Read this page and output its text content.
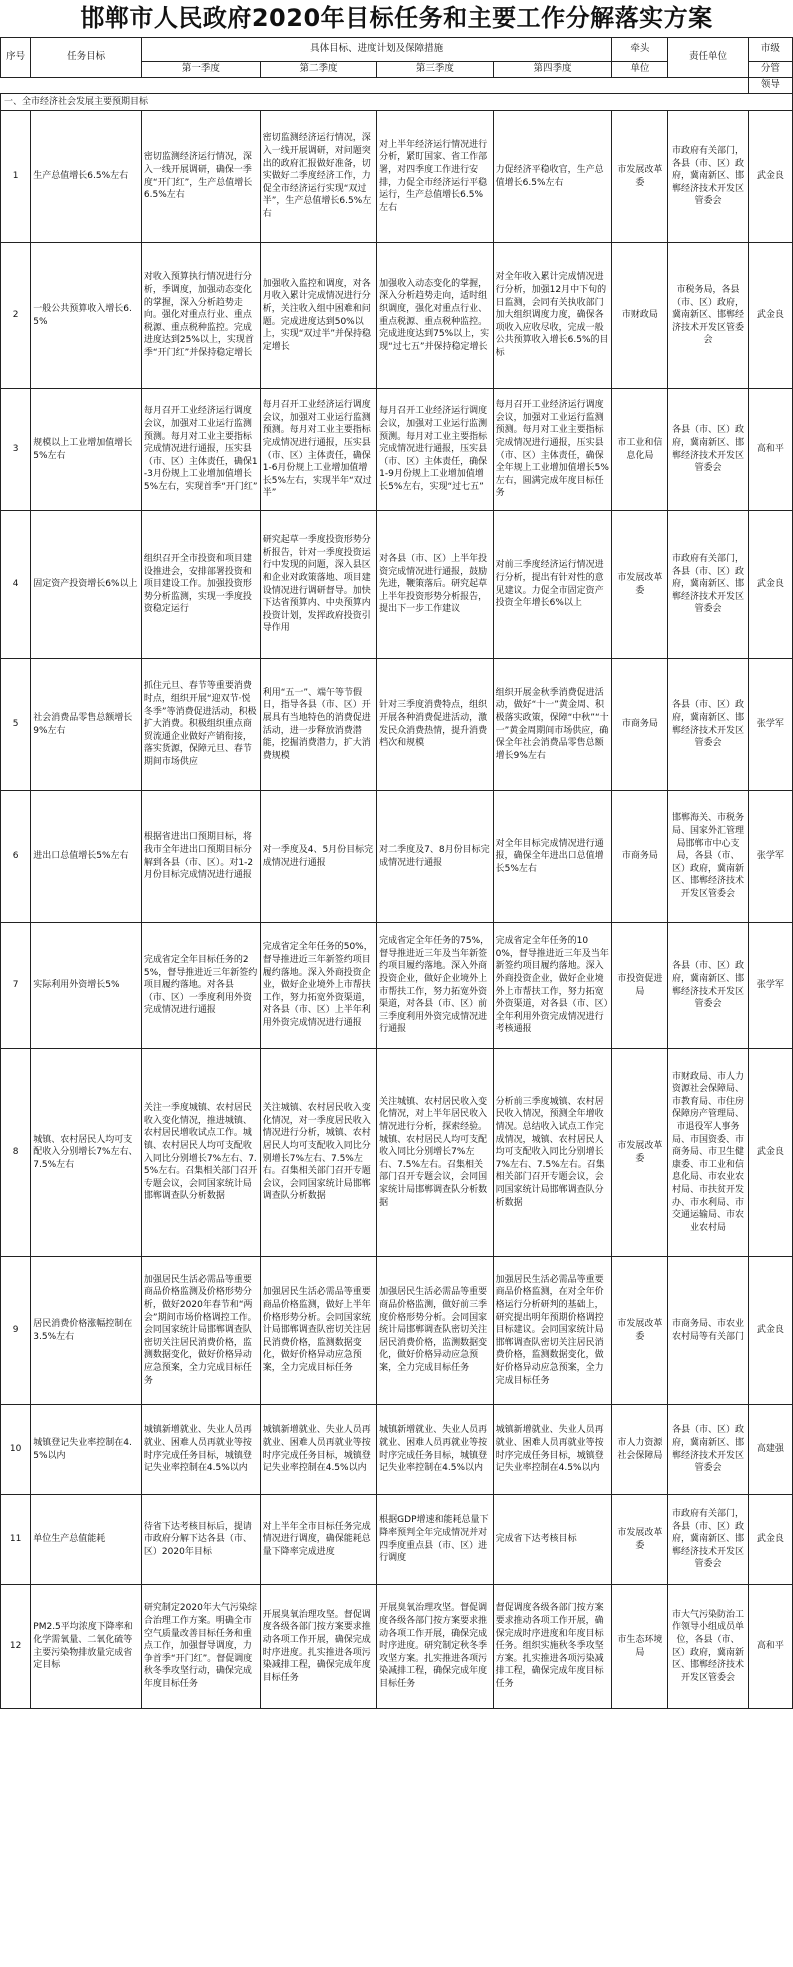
邯郸市人民政府2020年目标任务和主要工作分解落实方案
序号	任务目标	具体目标、进度计划及保障措施				牵头	责任单位	市级
		第一季度	第二季度	第三季度	第四季度	单位		分管
								领导
一、全市经济社会发展主要预期目标								
1	生产总值增长6.5%左右	密切监测经济运行情况，深入一线开展调研，确保一季度“开门红”，生产总值增长6.5%左右	密切监测经济运行情况，深入一线开展调研，对问题突出的政府汇报做好准备，切实做好二季度经济工作，力促全市经济运行实现“双过半”，生产总值增长6.5%左右	对上半年经济运行情况进行分析，紧盯国家、省工作部署，对四季度工作进行安排，力促全市经济运行平稳运行，生产总值增长6.5%左右	力促经济平稳收官，生产总值增长6.5%左右	市发展改革委	市政府有关部门，各县（市、区）政府，冀南新区、邯郸经济技术开发区管委会	武金良
2	一般公共预算收入增长6.5%	对收入预算执行情况进行分析，季调度，加强动态变化的掌握，深入分析趋势走向。强化对重点行业、重点税源、重点税种监控。完成进度达到25%以上，实现首季“开门红”并保持稳定增长	加强收入监控和调度，对各月收入累计完成情况进行分析，关注收入组中困难和问题。完成进度达到50%以上，实现“双过半”并保持稳定增长	加强收入动态变化的掌握，深入分析趋势走向，适时组织调度，强化对重点行业、重点税源、重点税种监控。完成进度达到75%以上，实现“过七五”并保持稳定增长	对全年收入累计完成情况进行分析，加强12月中下旬的日监测，会同有关执收部门加大组织调度力度，确保各项收入应收尽收，完成一般公共预算收入增长6.5%的目标	市财政局	市税务局，各县（市、区）政府，冀南新区、邯郸经济技术开发区管委会	武金良
3	规模以上工业增加值增长5%左右	每月召开工业经济运行调度会议，加强对工业运行监测预测。每月对工业主要指标完成情况进行通报，压实县（市、区）主体责任，确保1-3月份规上工业增加值增长5%左右，实现首季“开门红”	每月召开工业经济运行调度会议，加强对工业运行监测预测。每月对工业主要指标完成情况进行通报，压实县（市、区）主体责任，确保1-6月份规上工业增加值增长5%左右，实现半年“双过半”	每月召开工业经济运行调度会议，加强对工业运行监测预测。每月对工业主要指标完成情况进行通报，压实县（市、区）主体责任，确保1-9月份规上工业增加值增长5%左右，实现“过七五”	每月召开工业经济运行调度会议，加强对工业运行监测预测。每月对工业主要指标完成情况进行通报，压实县（市、区）主体责任，确保全年规上工业增加值增长5%左右，圆满完成年度目标任务	市工业和信息化局	各县（市、区）政府，冀南新区、邯郸经济技术开发区管委会	高和平
4	固定资产投资增长6%以上	组织召开全市投资和项目建设推进会，安排部署投资和项目建设工作。加强投资形势分析监测，实现一季度投资稳定运行	研究起草一季度投资形势分析报告，针对一季度投资运行中发现的问题，深入县区和企业对政策落地、项目建设情况进行调研督导。加快下达省预算内、中央预算内投资计划，发挥政府投资引导作用	对各县（市、区）上半年投资完成情况进行通报，鼓励先进，鞭策落后。研究起草上半年投资形势分析报告，提出下一步工作建议	对前三季度经济运行情况进行分析，提出有针对性的意见建议。力促全市固定资产投资全年增长6%以上	市发展改革委	市政府有关部门，各县（市、区）政府，冀南新区、邯郸经济技术开发区管委会	武金良
5	社会消费品零售总额增长9%左右	抓住元旦、春节等重要消费时点，组织开展“迎双节·悦冬季”等消费促进活动，积极扩大消费。积极组织重点商贸流通企业做好产销衔接，落实货源，保障元旦、春节期间市场供应	利用“五一”、端午等节假日，指导各县（市、区）开展具有当地特色的消费促进活动，进一步释放消费潜能，挖掘消费潜力，扩大消费规模	针对三季度消费特点，组织开展各种消费促进活动，激发民众消费热情，提升消费档次和规模	组织开展金秋季消费促进活动，做好“十一”黄金周、积极落实政策，保障“中秋”“十一”黄金周期间市场供应，确保全年社会消费品零售总额增长9%左右	市商务局	各县（市、区）政府，冀南新区、邯郸经济技术开发区管委会	张学军
6	进出口总值增长5%左右	根据省进出口预期目标，将我市全年进出口预期目标分解到各县（市、区）。对1-2月份目标完成情况进行通报	对一季度及4、5月份目标完成情况进行通报	对二季度及7、8月份目标完成情况进行通报	对全年目标完成情况进行通报，确保全年进出口总值增长5%左右	市商务局	邯郸海关、市税务局、国家外汇管理局邯郸市中心支局，各县（市、区）政府，冀南新区、邯郸经济技术开发区管委会	张学军
7	实际利用外资增长5%	完成省定全年目标任务的25%，督导推进近三年新签约项目履约落地。对各县（市、区）一季度利用外资完成情况进行通报	完成省定全年任务的50%，督导推进近三年新签约项目履约落地。深入外商投资企业，做好企业境外上市帮扶工作，努力拓宽外资渠道，对各县（市、区）上半年利用外资完成情况进行通报	完成省定全年任务的75%，督导推进近三年及当年新签约项目履约落地。深入外商投资企业，做好企业境外上市帮扶工作，努力拓宽外资渠道，对各县（市、区）前三季度利用外资完成情况进行通报	完成省定全年任务的100%，督导推进近三年及当年新签约项目履约落地。深入外商投资企业，做好企业境外上市帮扶工作，努力拓宽外资渠道，对各县（市、区）全年利用外资完成情况进行考核通报	市投资促进局	各县（市、区）政府，冀南新区、邯郸经济技术开发区管委会	张学军
8	城镇、农村居民人均可支配收入分别增长7%左右、7.5%左右	关注一季度城镇、农村居民收入变化情况，推进城镇、农村居民增收试点工作。城镇、农村居民人均可支配收入同比分别增长7%左右、7.5%左右。召集相关部门召开专题会议，会同国家统计局邯郸调查队分析数据	关注城镇、农村居民收入变化情况，对一季度居民收入情况进行分析，城镇、农村居民人均可支配收入同比分别增长7%左右、7.5%左右。召集相关部门召开专题会议，会同国家统计局邯郸调查队分析数据	关注城镇、农村居民收入变化情况，对上半年居民收入情况进行分析，探索经验。城镇、农村居民人均可支配收入同比分别增长7%左右、7.5%左右。召集相关部门召开专题会议，会同国家统计局邯郸调查队分析数据	分析前三季度城镇、农村居民收入情况，预测全年增收情况。总结收入试点工作完成情况，城镇、农村居民人均可支配收入同比分别增长7%左右、7.5%左右。召集相关部门召开专题会议，会同国家统计局邯郸调查队分析数据	市发展改革委	市财政局、市人力资源社会保障局、市教育局、市住房保障房产管理局、市退役军人事务局、市国资委、市商务局、市卫生健康委、市工业和信息化局、市农业农村局、市扶贫开发办、市水利局、市交通运输局、市农业农村局	武金良
9	居民消费价格涨幅控制在3.5%左右	加强居民生活必需品等重要商品价格监测及价格形势分析，做好2020年春节和“两会”期间市场价格调控工作。会同国家统计局邯郸调查队密切关注居民消费价格，监测数据变化，做好价格异动应急预案，全力完成目标任务	加强居民生活必需品等重要商品价格监测，做好上半年价格形势分析。会同国家统计局邯郸调查队密切关注居民消费价格，监测数据变化，做好价格异动应急预案，全力完成目标任务	加强居民生活必需品等重要商品价格监测，做好前三季度价格形势分析。会同国家统计局邯郸调查队密切关注居民消费价格，监测数据变化，做好价格异动应急预案，全力完成目标任务	加强居民生活必需品等重要商品价格监测，在对全年价格运行分析研判的基础上，研究提出明年预期价格调控目标建议。会同国家统计局邯郸调查队密切关注居民消费价格，监测数据变化，做好价格异动应急预案，全力完成目标任务	市发展改革委	市商务局、市农业农村局等有关部门	武金良
10	城镇登记失业率控制在4.5%以内	城镇新增就业、失业人员再就业、困难人员再就业等按时序完成任务目标，城镇登记失业率控制在4.5%以内	城镇新增就业、失业人员再就业、困难人员再就业等按时序完成任务目标，城镇登记失业率控制在4.5%以内	城镇新增就业、失业人员再就业、困难人员再就业等按时序完成任务目标，城镇登记失业率控制在4.5%以内	城镇新增就业、失业人员再就业、困难人员再就业等按时序完成任务目标，城镇登记失业率控制在4.5%以内	市人力资源社会保障局	各县（市、区）政府，冀南新区、邯郸经济技术开发区管委会	高建强
11	单位生产总值能耗	待省下达考核目标后，提请市政府分解下达各县（市、区）2020年目标	对上半年全市目标任务完成情况进行调度，确保能耗总量下降率完成进度	根据GDP增速和能耗总量下降率预判全年完成情况并对四季度重点县（市、区）进行调度	完成省下达考核目标	市发展改革委	市政府有关部门，各县（市、区）政府，冀南新区、邯郸经济技术开发区管委会	武金良
12	PM2.5平均浓度下降率和化学需氧量、二氧化硫等主要污染物排放量完成省定目标	研究制定2020年大气污染综合治理工作方案。明确全市空气质量改善目标任务和重点工作，加强督导调度，力争首季“开门红”。督促调度秋冬季攻坚行动，确保完成年度目标任务	开展臭氧治理攻坚。督促调度各级各部门按方案要求推动各项工作开展，确保完成时序进度。扎实推进各项污染减排工程，确保完成年度目标任务	开展臭氧治理攻坚。督促调度各级各部门按方案要求推动各项工作开展，确保完成时序进度。研究制定秋冬季攻坚方案。扎实推进各项污染减排工程，确保完成年度目标任务	督促调度各级各部门按方案要求推动各项工作开展，确保完成时序进度和年度目标任务。组织实施秋冬季攻坚方案。扎实推进各项污染减排工程，确保完成年度目标任务	市生态环境局	市大气污染防治工作领导小组成员单位，各县（市、区）政府，冀南新区、邯郸经济技术开发区管委会	高和平
